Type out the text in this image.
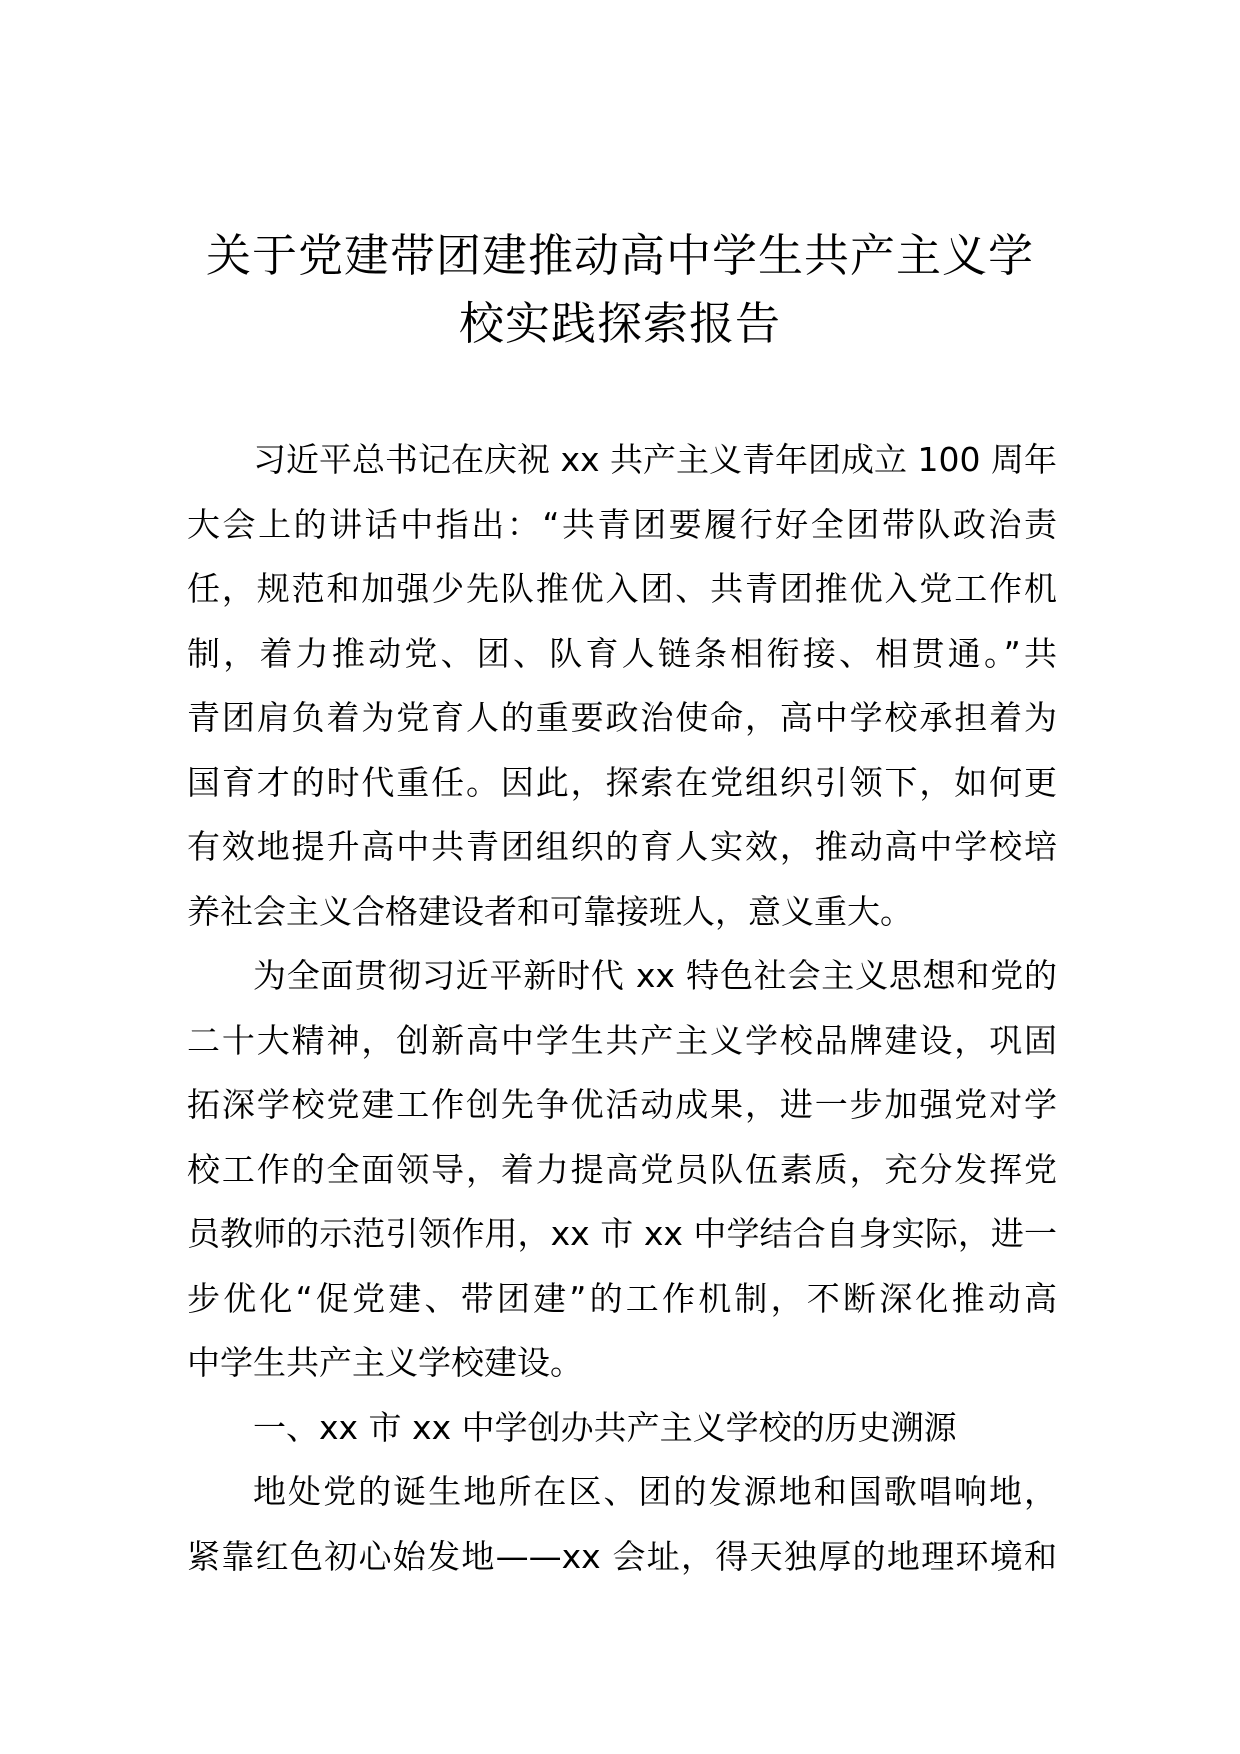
关于党建带团建推动高中学生共产主义学
校实践探索报告
习近平总书记在庆祝 xx 共产主义青年团成立 100 周年
大会上的讲话中指出：“共青团要履行好全团带队政治责
任，规范和加强少先队推优入团、共青团推优入党工作机
制，着力推动党、团、队育人链条相衔接、相贯通。”共
青团肩负着为党育人的重要政治使命，高中学校承担着为
国育才的时代重任。因此，探索在党组织引领下，如何更
有效地提升高中共青团组织的育人实效，推动高中学校培
养社会主义合格建设者和可靠接班人，意义重大。
为全面贯彻习近平新时代 xx 特色社会主义思想和党的
二十大精神，创新高中学生共产主义学校品牌建设，巩固
拓深学校党建工作创先争优活动成果，进一步加强党对学
校工作的全面领导，着力提高党员队伍素质，充分发挥党
员教师的示范引领作用，xx 市 xx 中学结合自身实际，进一
步优化“促党建、带团建”的工作机制，不断深化推动高
中学生共产主义学校建设。
一、xx 市 xx 中学创办共产主义学校的历史溯源
地处党的诞生地所在区、团的发源地和国歌唱响地，
紧靠红色初心始发地——xx 会址，得天独厚的地理环境和
